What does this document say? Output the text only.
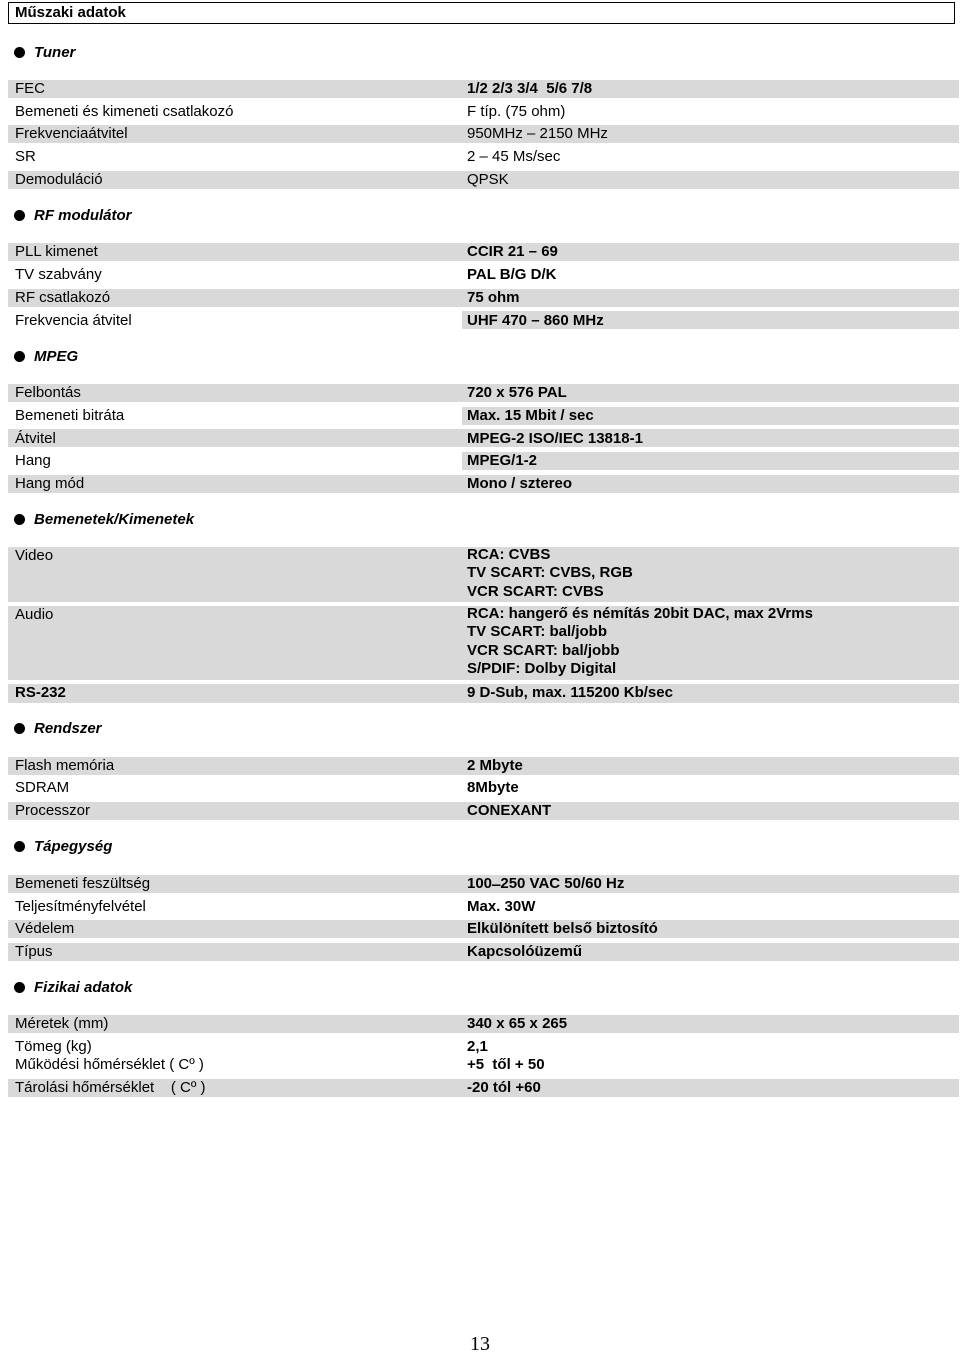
Műszaki adatok
Tuner
FEC	1/2 2/3 3/4  5/6 7/8
Bemeneti és kimeneti csatlakozó	F típ. (75 ohm)
Frekvenciaátvitel	950MHz – 2150 MHz
SR	2 – 45 Ms/sec
Demoduláció	QPSK
RF modulátor
PLL kimenet	CCIR 21 – 69
TV szabvány	PAL B/G D/K
RF csatlakozó	75 ohm
Frekvencia átvitel	UHF 470 – 860 MHz
MPEG
Felbontás	720 x 576 PAL
Bemeneti bitráta	Max. 15 Mbit / sec
Átvitel	MPEG-2 ISO/IEC 13818-1
Hang	MPEG/1-2
Hang mód	Mono / sztereo
Bemenetek/Kimenetek
Video	RCA: CVBS
TV SCART: CVBS, RGB
VCR SCART: CVBS
Audio	RCA: hangerő és némítás 20bit DAC, max 2Vrms
TV SCART: bal/jobb
VCR SCART: bal/jobb
S/PDIF: Dolby Digital
RS-232	9 D-Sub, max. 115200 Kb/sec
Rendszer
Flash memória	2 Mbyte
SDRAM	8Mbyte
Processzor	CONEXANT
Tápegység
Bemeneti feszültség	100 ̶ 250 VAC 50/60 Hz
Teljesítményfelvétel	Max. 30W
Védelem	Elkülönített belső biztosító
Típus	Kapcsolóüzemű
Fizikai adatok
Méretek (mm)	340 x 65 x 265
Tömeg (kg)	2,1
Működési hőmérséklet ( Cº )	+5  től + 50
Tárolási hőmérséklet    ( Cº )	-20 tól +60
13
